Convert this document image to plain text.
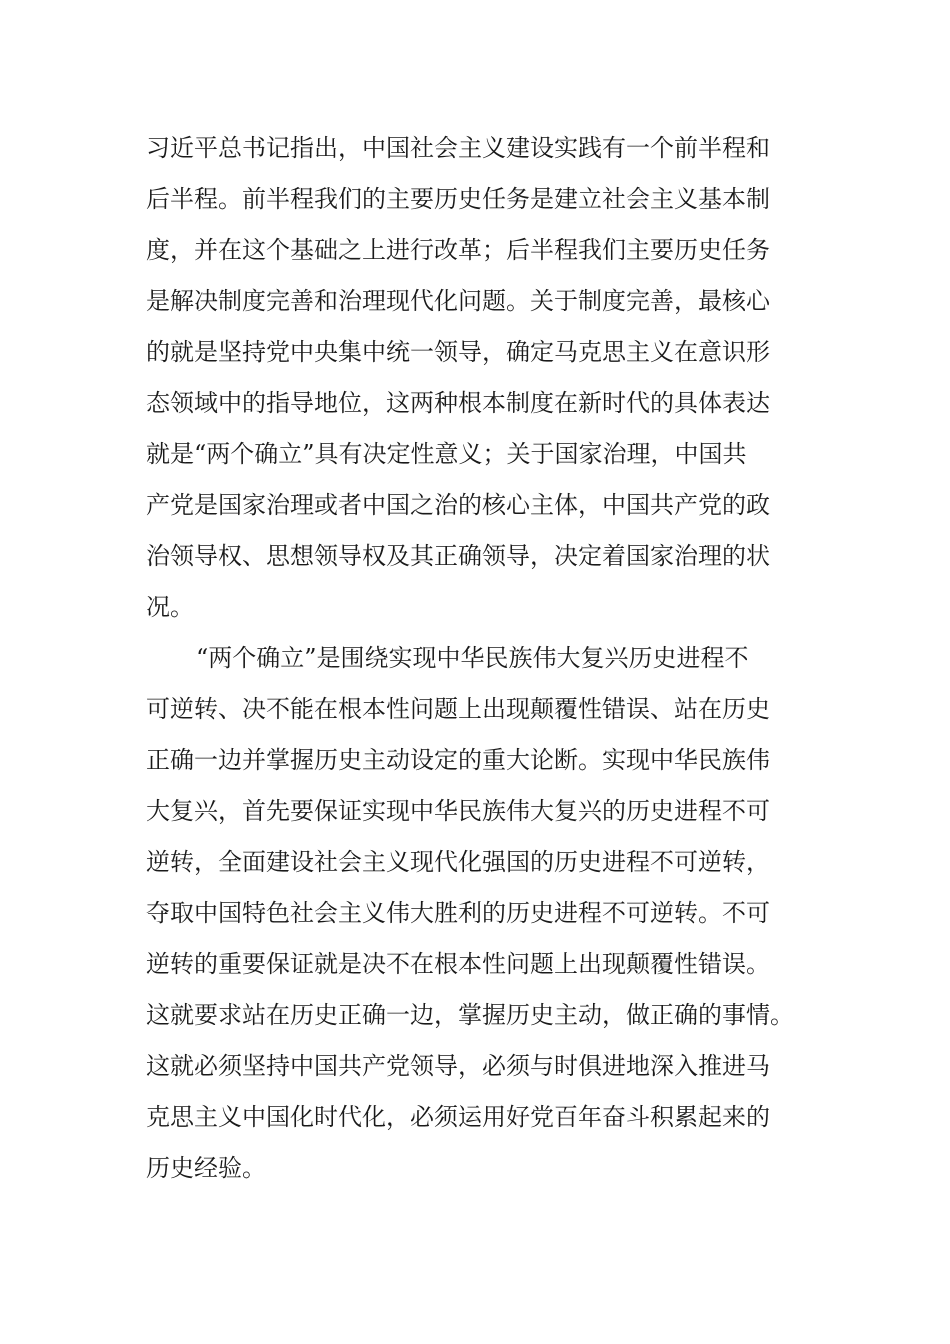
习近平总书记指出，中国社会主义建设实践有一个前半程和
后半程。前半程我们的主要历史任务是建立社会主义基本制
度，并在这个基础之上进行改革；后半程我们主要历史任务
是解决制度完善和治理现代化问题。关于制度完善，最核心
的就是坚持党中央集中统一领导，确定马克思主义在意识形
态领域中的指导地位，这两种根本制度在新时代的具体表达
就是“两个确立”具有决定性意义；关于国家治理，中国共
产党是国家治理或者中国之治的核心主体，中国共产党的政
治领导权、思想领导权及其正确领导，决定着国家治理的状
况。
“两个确立”是围绕实现中华民族伟大复兴历史进程不
可逆转、决不能在根本性问题上出现颠覆性错误、站在历史
正确一边并掌握历史主动设定的重大论断。实现中华民族伟
大复兴，首先要保证实现中华民族伟大复兴的历史进程不可
逆转，全面建设社会主义现代化强国的历史进程不可逆转，
夺取中国特色社会主义伟大胜利的历史进程不可逆转。不可
逆转的重要保证就是决不在根本性问题上出现颠覆性错误。
这就要求站在历史正确一边，掌握历史主动，做正确的事情。
这就必须坚持中国共产党领导，必须与时俱进地深入推进马
克思主义中国化时代化，必须运用好党百年奋斗积累起来的
历史经验。
